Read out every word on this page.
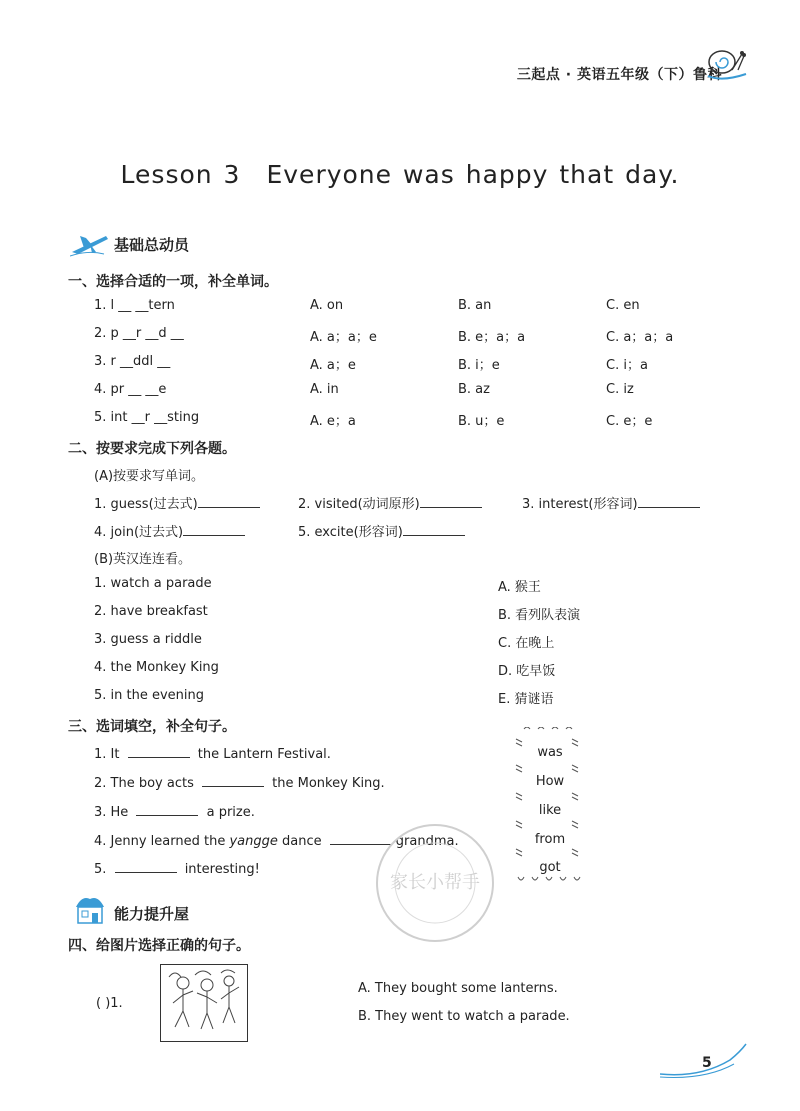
三起点 · 英语五年级（下）鲁科
Lesson 3 Everyone was happy that day.
基础总动员
一、选择合适的一项，补全单词。
1. l __ __tern	A. on	B. an	C. en
2. p __r __d __	A. a；a；e	B. e；a；a	C. a；a；a
3. r __ddl __	A. a；e	B. i；e	C. i；a
4. pr __ __e	A. in	B. az	C. iz
5. int __r __sting	A. e；a	B. u；e	C. e；e
二、按要求完成下列各题。
(A)按要求写单词。
1. guess(过去式)	2. visited(动词原形)	3. interest(形容词)
4. join(过去式)	5. excite(形容词)
(B)英汉连连看。
1. watch a parade
2. have breakfast
3. guess a riddle
4. the Monkey King
5. in the evening
A. 猴王
B. 看列队表演
C. 在晚上
D. 吃早饭
E. 猜谜语
三、选词填空，补全句子。
1. It	the Lantern Festival.
2. The boy acts	the Monkey King.
3. He	a prize.
4. Jenny learned the yangge dance	grandma.
5.	interesting!
was
How
like
from
got
家长小帮手
能力提升屋
四、给图片选择正确的句子。
( )1.
A. They bought some lanterns.
B. They went to watch a parade.
5
